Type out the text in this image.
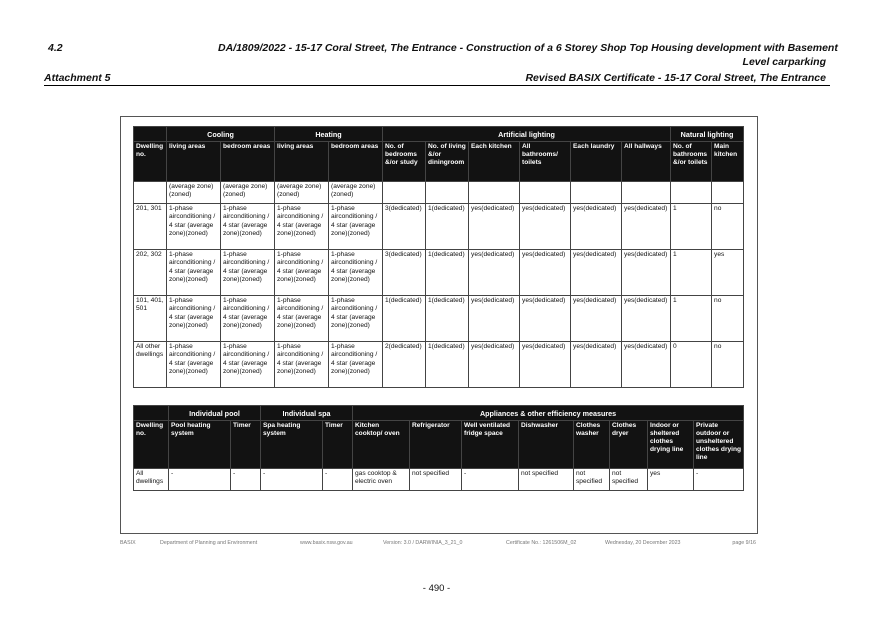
4.2	DA/1809/2022 - 15-17 Coral Street, The Entrance - Construction of a 6 Storey Shop Top Housing development with Basement
Level carparking
Attachment 5	Revised BASIX Certificate - 15-17 Coral Street, The Entrance
	Cooling		Heating		Artificial lighting						Natural lighting	
Dwelling no.	living areas	bedroom areas	living areas	bedroom areas	No. of bedrooms &/or study	No. of living &/or diningroom	Each kitchen	All bathrooms/ toilets	Each laundry	All hallways	No. of bathrooms &/or toilets	Main kitchen
	(average zone)(zoned)	(average zone)(zoned)	(average zone)(zoned)	(average zone)(zoned)								
201, 301	1-phase airconditioning / 4 star (average zone)(zoned)	1-phase airconditioning / 4 star (average zone)(zoned)	1-phase airconditioning / 4 star (average zone)(zoned)	1-phase airconditioning / 4 star (average zone)(zoned)	3(dedicated)	1(dedicated)	yes(dedicated)	yes(dedicated)	yes(dedicated)	yes(dedicated)	1	no
202, 302	1-phase airconditioning / 4 star (average zone)(zoned)	1-phase airconditioning / 4 star (average zone)(zoned)	1-phase airconditioning / 4 star (average zone)(zoned)	1-phase airconditioning / 4 star (average zone)(zoned)	3(dedicated)	1(dedicated)	yes(dedicated)	yes(dedicated)	yes(dedicated)	yes(dedicated)	1	yes
101, 401, 501	1-phase airconditioning / 4 star (average zone)(zoned)	1-phase airconditioning / 4 star (average zone)(zoned)	1-phase airconditioning / 4 star (average zone)(zoned)	1-phase airconditioning / 4 star (average zone)(zoned)	1(dedicated)	1(dedicated)	yes(dedicated)	yes(dedicated)	yes(dedicated)	yes(dedicated)	1	no
All other dwellings	1-phase airconditioning / 4 star (average zone)(zoned)	1-phase airconditioning / 4 star (average zone)(zoned)	1-phase airconditioning / 4 star (average zone)(zoned)	1-phase airconditioning / 4 star (average zone)(zoned)	2(dedicated)	1(dedicated)	yes(dedicated)	yes(dedicated)	yes(dedicated)	yes(dedicated)	0	no
	Individual pool		Individual spa		Appliances & other efficiency measures							
Dwelling no.	Pool heating system	Timer	Spa heating system	Timer	Kitchen cooktop/ oven	Refrigerator	Well ventilated fridge space	Dishwasher	Clothes washer	Clothes dryer	Indoor or sheltered clothes drying line	Private outdoor or unsheltered clothes drying line
All dwellings	-	-	-	-	gas cooktop & electric oven	not specified	-	not specified	not specified	not specified	yes	-
BASIX	Department of Planning and Environment	www.basix.nsw.gov.au	Version: 3.0 / DARWINIA_3_21_0	Certificate No.: 1261506M_02	Wednesday, 20 December 2023	page 9/16
- 490 -
